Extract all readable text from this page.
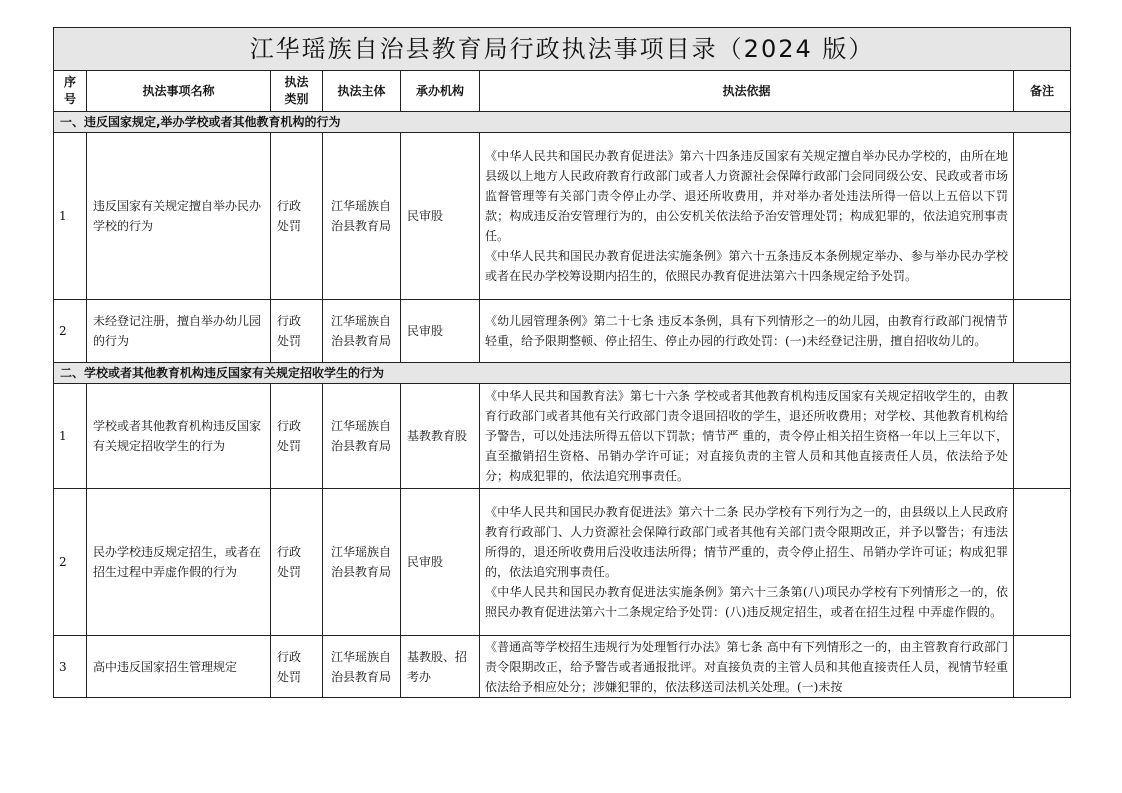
江华瑶族自治县教育局行政执法事项目录（2024 版）						
序号	执法事项名称	执法类别	执法主体	承办机构	执法依据	备注
一、违反国家规定,举办学校或者其他教育机构的行为						
1	违反国家有关规定擅自举办民办学校的行为	行政处罚	江华瑶族自治县教育局	民审股	《中华人民共和国民办教育促进法》第六十四条违反国家有关规定擅自举办民办学校的，由所在地县级以上地方人民政府教育行政部门或者人力资源社会保障行政部门会同同级公安、民政或者市场监督管理等有关部门责令停止办学、退还所收费用，并对举办者处违法所得一倍以上五倍以下罚款；构成违反治安管理行为的，由公安机关依法给予治安管理处罚；构成犯罪的，依法追究刑事责任。

《中华人民共和国民办教育促进法实施条例》第六十五条违反本条例规定举办、参与举办民办学校或者在民办学校筹设期内招生的，依照民办教育促进法第六十四条规定给予处罚。	

2	未经登记注册，擅自举办幼儿园的行为	行政处罚	江华瑶族自治县教育局	民审股	《幼儿园管理条例》第二十七条 违反本条例，具有下列情形之一的幼儿园，由教育行政部门视情节轻重，给予限期整顿、停止招生、停止办园的行政处罚：(一)未经登记注册，擅自招收幼儿的。	

二、学校或者其他教育机构违反国家有关规定招收学生的行为						
1	学校或者其他教育机构违反国家有关规定招收学生的行为	行政处罚	江华瑶族自治县教育局	基教教育股	《中华人民共和国教育法》第七十六条 学校或者其他教育机构违反国家有关规定招收学生的，由教育行政部门或者其他有关行政部门责令退回招收的学生，退还所收费用；对学校、其他教育机构给予警告，可以处违法所得五倍以下罚款；情节严 重的，责令停止相关招生资格一年以上三年以下，直至撤销招生资格、吊销办学许可证；对直接负责的主管人员和其他直接责任人员，依法给予处分；构成犯罪的，依法追究刑事责任。	

2	民办学校违反规定招生，或者在招生过程中弄虚作假的行为	行政处罚	江华瑶族自治县教育局	民审股	《中华人民共和国民办教育促进法》第六十二条 民办学校有下列行为之一的，由县级以上人民政府教育行政部门、人力资源社会保障行政部门或者其他有关部门责令限期改正，并予以警告；有违法所得的，退还所收费用后没收违法所得；情节严重的，责令停止招生、吊销办学许可证；构成犯罪的，依法追究刑事责任。

《中华人民共和国民办教育促进法实施条例》第六十三条第(八)项民办学校有下列情形之一的，依照民办教育促进法第六十二条规定给予处罚：(八)违反规定招生，或者在招生过程 中弄虚作假的。	

3	高中违反国家招生管理规定	行政处罚	江华瑶族自治县教育局	基教股、招考办	《普通高等学校招生违规行为处理暂行办法》第七条 高中有下列情形之一的，由主管教育行政部门责令限期改正，给予警告或者通报批评。对直接负责的主管人员和其他直接责任人员，视情节轻重依法给予相应处分；涉嫌犯罪的，依法移送司法机关处理。(一)未按	
